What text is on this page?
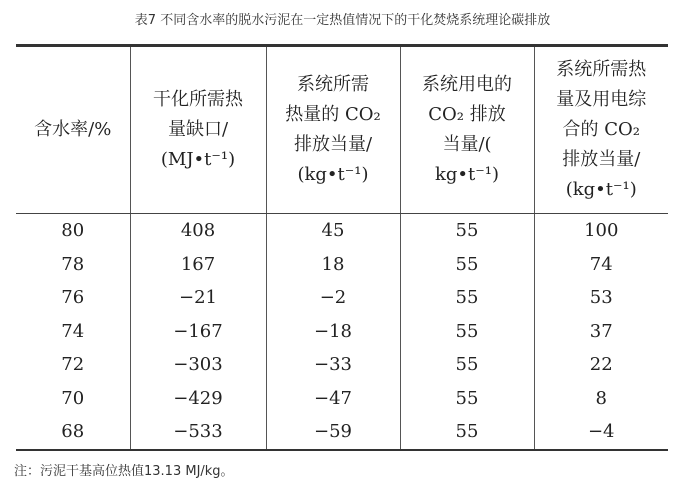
表7 不同含水率的脱水污泥在一定热值情况下的干化焚烧系统理论碳排放
含水率/%	干化所需热
量缺口/
(MJ•t⁻¹)	系统所需
热量的 CO₂
排放当量/
(kg•t⁻¹)	系统用电的
CO₂ 排放
当量/(
kg•t⁻¹)	系统所需热
量及用电综
合的 CO₂
排放当量/
(kg•t⁻¹)

80	408	45	55	100
78	167	18	55	74
76	−21	−2	55	53
74	−167	−18	55	37
72	−303	−33	55	22
70	−429	−47	55	8
68	−533	−59	55	−4
注：污泥干基高位热值13.13 MJ/kg。
